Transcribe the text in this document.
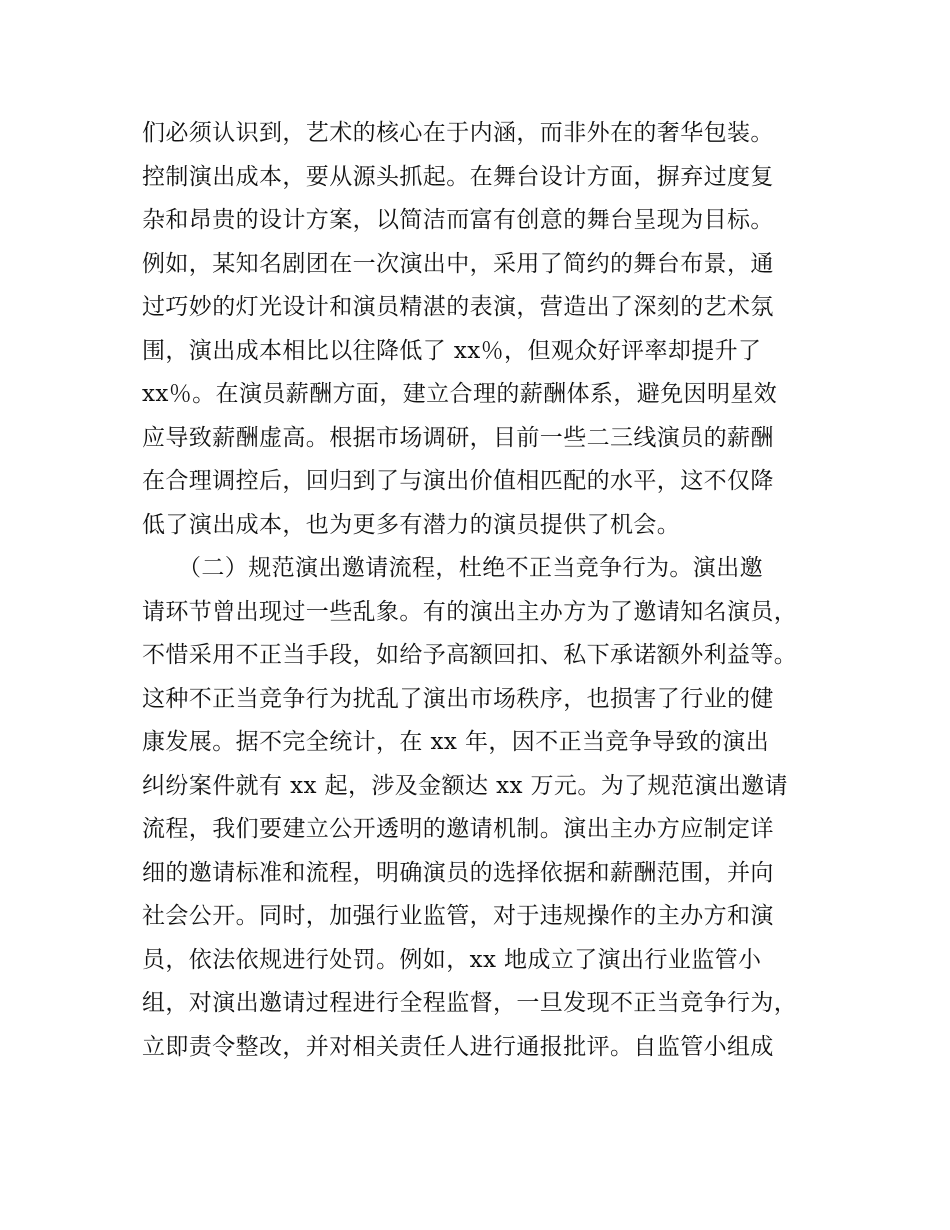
们必须认识到，艺术的核心在于内涵，而非外在的奢华包装。
控制演出成本，要从源头抓起。在舞台设计方面，摒弃过度复
杂和昂贵的设计方案，以简洁而富有创意的舞台呈现为目标。
例如，某知名剧团在一次演出中，采用了简约的舞台布景，通
过巧妙的灯光设计和演员精湛的表演，营造出了深刻的艺术氛
围，演出成本相比以往降低了 xx％，但观众好评率却提升了
xx％。在演员薪酬方面，建立合理的薪酬体系，避免因明星效
应导致薪酬虚高。根据市场调研，目前一些二三线演员的薪酬
在合理调控后，回归到了与演出价值相匹配的水平，这不仅降
低了演出成本，也为更多有潜力的演员提供了机会。
（二）规范演出邀请流程，杜绝不正当竞争行为。演出邀
请环节曾出现过一些乱象。有的演出主办方为了邀请知名演员，
不惜采用不正当手段，如给予高额回扣、私下承诺额外利益等。
这种不正当竞争行为扰乱了演出市场秩序，也损害了行业的健
康发展。据不完全统计，在 xx 年，因不正当竞争导致的演出
纠纷案件就有 xx 起，涉及金额达 xx 万元。为了规范演出邀请
流程，我们要建立公开透明的邀请机制。演出主办方应制定详
细的邀请标准和流程，明确演员的选择依据和薪酬范围，并向
社会公开。同时，加强行业监管，对于违规操作的主办方和演
员，依法依规进行处罚。例如，xx 地成立了演出行业监管小
组，对演出邀请过程进行全程监督，一旦发现不正当竞争行为，
立即责令整改，并对相关责任人进行通报批评。自监管小组成
